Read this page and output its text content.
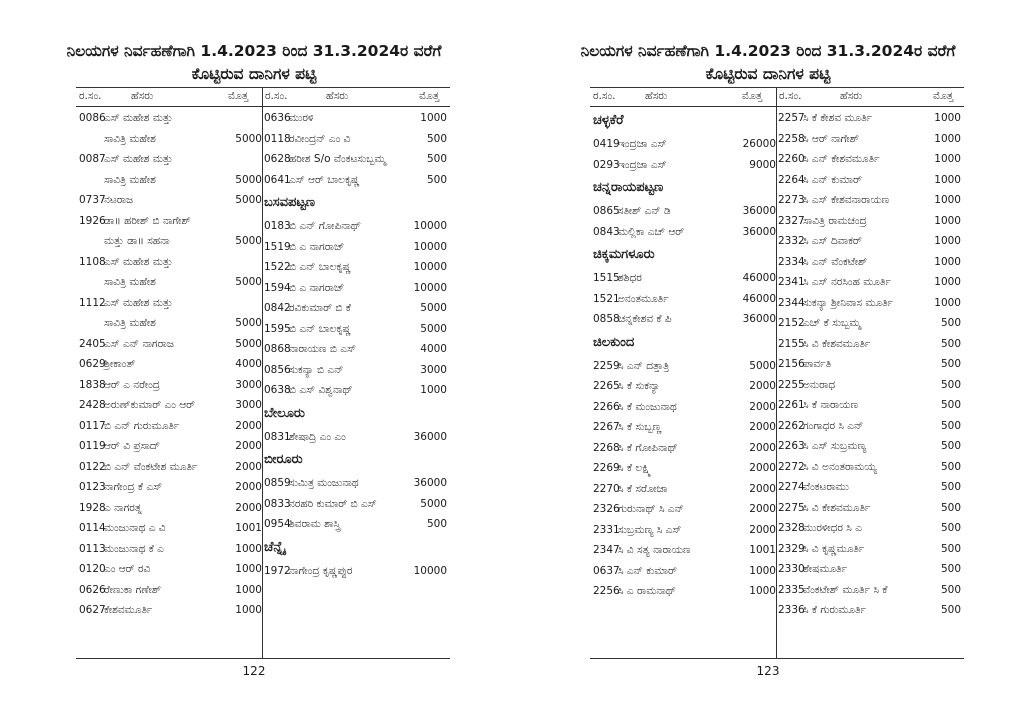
ನಿಲಯಗಳ ನಿರ್ವಹಣೆಗಾಗಿ 1.4.2023 ರಿಂದ 31.3.2024ರ ವರೆಗೆ
ಕೊಟ್ಟಿರುವ ದಾನಿಗಳ ಪಟ್ಟಿ
ರ.ಸಂ.	ಹೆಸರು	ಮೊತ್ತ ರ.ಸಂ.	ಹೆಸರು	ಮೊತ್ತ
0086
ಎಸ್ ಮಹೇಶ ಮತ್ತು
ಸಾವಿತ್ರಿ ಮಹೇಶ	5000
0087
ಎಸ್ ಮಹೇಶ ಮತ್ತು
ಸಾವಿತ್ರಿ ಮಹೇಶ	5000
0737
ನಟರಾಜ	5000
1926
ಡಾ॥ ಹರೀಶ್ ಬಿ ನಾಗೇಶ್
ಮತ್ತು ಡಾ॥ ಸಹನಾ	5000
1108
ಎಸ್ ಮಹೇಶ ಮತ್ತು
ಸಾವಿತ್ರಿ ಮಹೇಶ	5000
1112
ಎಸ್ ಮಹೇಶ ಮತ್ತು
ಸಾವಿತ್ರಿ ಮಹೇಶ	5000
2405
ಎಸ್ ಎನ್ ನಾಗರಾಜ	5000
0629
ಶ್ರೀಕಾಂತ್	4000
1838
ಆರ್ ಎ ನರೇಂದ್ರ	3000
2428
ಅರುಣ್‌ಕುಮಾರ್ ಎಂ ಆರ್	3000
0117
ಬಿ ಎನ್ ಗುರುಮೂರ್ತಿ	2000
0119
ಆರ್ ವಿ ಪ್ರಸಾದ್	2000
0122
ಬಿ ಎನ್ ವೆಂಕಟೇಶ ಮೂರ್ತಿ	2000
0123
ನಾಗೇಂದ್ರ ಕೆ ಎಸ್	2000
1928
ಎ ನಾಗರತ್ನ	2000
0114
ಮಂಜುನಾಥ ಎ ವಿ	1001
0113
ಮಂಜುನಾಥ ಕೆ ಎ	1000
0120
ಎಂ ಆರ್ ರವಿ	1000
0626
ರೇಣುಕಾ ಗಣೇಶ್	1000
0627
ಕೇಶವಮೂರ್ತಿ	1000
0636
ಮುರಳಿ	1000
0118
ರವೀಂದ್ರನ್ ಎಂ ವಿ	500
0628
ಹರೀಶ S/o ವೆಂಕಟಸುಬ್ಬಮ್ಮ	500
0641
ಎಸ್ ಆರ್ ಬಾಲಕೃಷ್ಣ	500
ಬಸವಪಟ್ಟಣ
0183
ಬಿ ಎನ್ ಗೋಪಿನಾಥ್	10000
1519
ಬಿ ಎ ನಾಗರಾಜ್	10000
1522
ಬಿ ಎನ್ ಬಾಲಕೃಷ್ಣ	10000
1594
ಬಿ ಎ ನಾಗರಾಜ್	10000
0842
ರವಿಕುಮಾರ್ ಬಿ ಕೆ	5000
1595
ಬಿ ಎನ್ ಬಾಲಕೃಷ್ಣ	5000
0868
ನಾರಾಯಣ ಬಿ ಎಸ್	4000
0856
ಸುಕನ್ಯಾ ಬಿ ಎನ್	3000
0638
ಬಿ ಎಸ್ ವಿಶ್ವನಾಥ್	1000
ಬೇಲೂರು
0831
ಶೇಷಾದ್ರಿ ಎಂ ಎಂ	36000
ಬೀರೂರು
0859
ಸುಮಿತ್ರ ಮಂಜುನಾಥ	36000
0833
ನರಹರಿ ಕುಮಾರ್ ಬಿ ಎಸ್	5000
0954
ಶಿವರಾಮ ಶಾಸ್ತ್ರಿ	500
ಚೆನ್ನೈ
1972
ನಾಗೇಂದ್ರ ಕೃಷ್ಣಪ್ಪುರ	10000
122
ನಿಲಯಗಳ ನಿರ್ವಹಣೆಗಾಗಿ 1.4.2023 ರಿಂದ 31.3.2024ರ ವರೆಗೆ
ಕೊಟ್ಟಿರುವ ದಾನಿಗಳ ಪಟ್ಟಿ
ರ.ಸಂ.	ಹೆಸರು	ಮೊತ್ತ ರ.ಸಂ.	ಹೆಸರು	ಮೊತ್ತ
ಚಳ್ಳಕೆರೆ
0419
ಇಂದ್ರಜಾ ಎಸ್	26000
0293
ಇಂದ್ರಜಾ ಎಸ್	9000
ಚನ್ನರಾಯಪಟ್ಟಣ
0865
ಸತೀಶ್ ಎನ್ ಡಿ	36000
0843
ಮಲ್ಲಿಕಾ ಎಚ್ ಆರ್	36000
ಚಿಕ್ಕಮಗಳೂರು
1515
ಶಶಿಧರ	46000
1521
ಅನಂತಮೂರ್ತಿ	46000
0858
ಚನ್ನಕೇಶವ ಕೆ ಪಿ	36000
ಚಿಲಕುಂದ
2259
ಸಿ ಎನ್ ದತ್ತಾತ್ರಿ	5000
2265
ಸಿ ಕೆ ಸುಕನ್ಯಾ	2000
2266
ಸಿ ಕೆ ಮಂಜುನಾಥ	2000
2267
ಸಿ ಕೆ ಸುಬ್ಬಣ್ಣ	2000
2268
ಸಿ ಕೆ ಗೋಪಿನಾಥ್	2000
2269
ಸಿ ಕೆ ಲಕ್ಷ್ಮಿ	2000
2270
ಸಿ ಕೆ ಸರೋಜಾ	2000
2326
ಗುರುನಾಥ್ ಸಿ ಎನ್	2000
2331
ಸುಬ್ರಮಣ್ಯ ಸಿ ಎಸ್	2000
2347
ಸಿ ವಿ ಸತ್ಯ ನಾರಾಯಣ	1001
0637
ಸಿ ಎನ್ ಕುಮಾರ್	1000
2256
ಸಿ ಎ ರಾಮನಾಥ್	1000
2257
ಸಿ ಕೆ ಕೇಶವ ಮೂರ್ತಿ	1000
2258
ಸಿ ಆರ್ ನಾಗೇಶ್	1000
2260
ಸಿ ಎನ್ ಕೇಶವಮೂರ್ತಿ	1000
2264
ಸಿ ಎನ್ ಕುಮಾರ್	1000
2273
ಸಿ ಎಸ್ ಕೇಶವನಾರಾಯಣ	1000
2327
ಸಾವಿತ್ರಿ ರಾಮಚಂದ್ರ	1000
2332
ಸಿ ಎಸ್ ದಿವಾಕರ್	1000
2334
ಸಿ ಎನ್ ವೆಂಕಟೇಶ್	1000
2341
ಸಿ ಎಸ್ ನರಸಿಂಹ ಮೂರ್ತಿ	1000
2344
ಸುಕನ್ಯಾ ಶ್ರೀನಿವಾಸ ಮೂರ್ತಿ	1000
2152
ಎಚ್ ಕೆ ಸುಬ್ಬಮ್ಮ	500
2155
ಸಿ ವಿ ಕೇಶವಮೂರ್ತಿ	500
2156
ಪಾರ್ವತಿ	500
2255
ಅನುರಾಧ	500
2261
ಸಿ ಕೆ ನಾರಾಯಣ	500
2262
ಗಂಗಾಧರ ಸಿ ಎನ್	500
2263
ಸಿ ಎಸ್ ಸುಬ್ರಮಣ್ಯ	500
2272
ಸಿ ವಿ ಅನಂತರಾಮಯ್ಯ	500
2274
ವೆಂಕಟರಾಮು	500
2275
ಸಿ ವಿ ಕೇಶವಮೂರ್ತಿ	500
2328
ಮುರಳೀಧರ ಸಿ ಎ	500
2329
ಸಿ ವಿ ಕೃಷ್ಣಮೂರ್ತಿ	500
2330
ಶೇಷಮೂರ್ತಿ	500
2335
ವೆಂಕಟೇಶ್ ಮೂರ್ತಿ ಸಿ ಕೆ	500
2336
ಸಿ ಕೆ ಗುರುಮೂರ್ತಿ	500
123
